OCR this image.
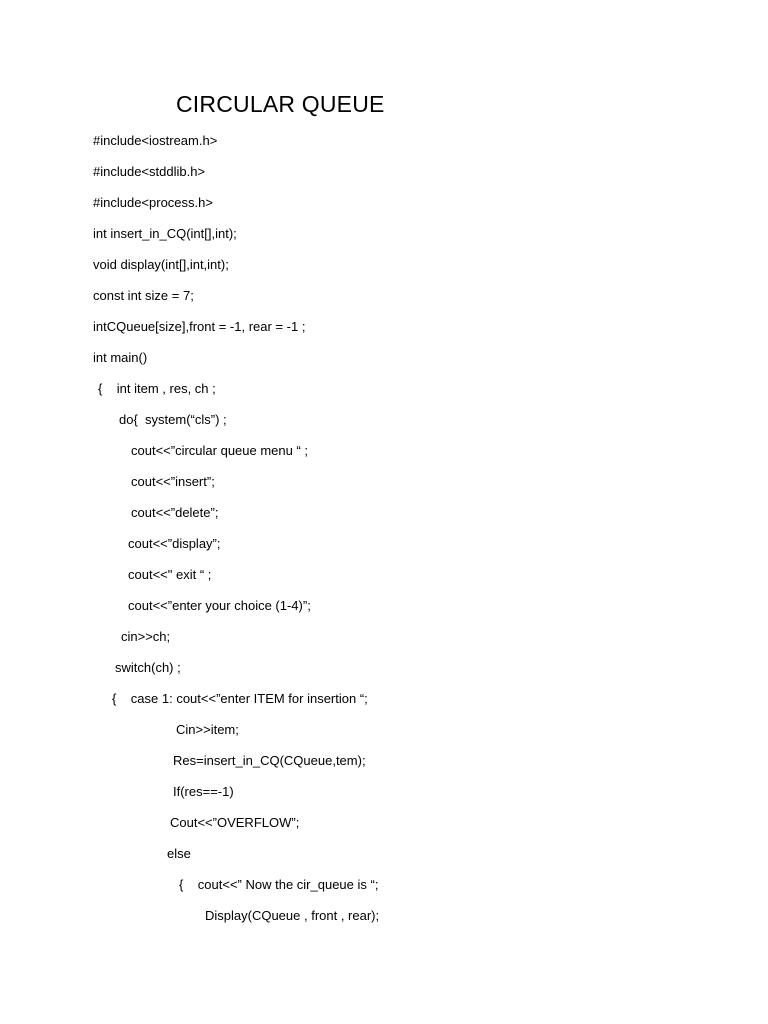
CIRCULAR QUEUE
#include<iostream.h>
#include<stddlib.h>
#include<process.h>
int insert_in_CQ(int[],int);
void display(int[],int,int);
const int size = 7;
intCQueue[size],front = -1, rear = -1 ;
int main()
{    int item , res, ch ;
do{  system(“cls”) ;
cout<<”circular queue menu “ ;
cout<<”insert”;
cout<<”delete”;
cout<<”display”;
cout<<" exit “ ;
cout<<”enter your choice (1-4)”;
cin>>ch;
switch(ch) ;
{    case 1: cout<<”enter ITEM for insertion “;
Cin>>item;
Res=insert_in_CQ(CQueue,tem);
If(res==-1)
Cout<<”OVERFLOW”;
else
{    cout<<” Now the cir_queue is “;
Display(CQueue , front , rear);
